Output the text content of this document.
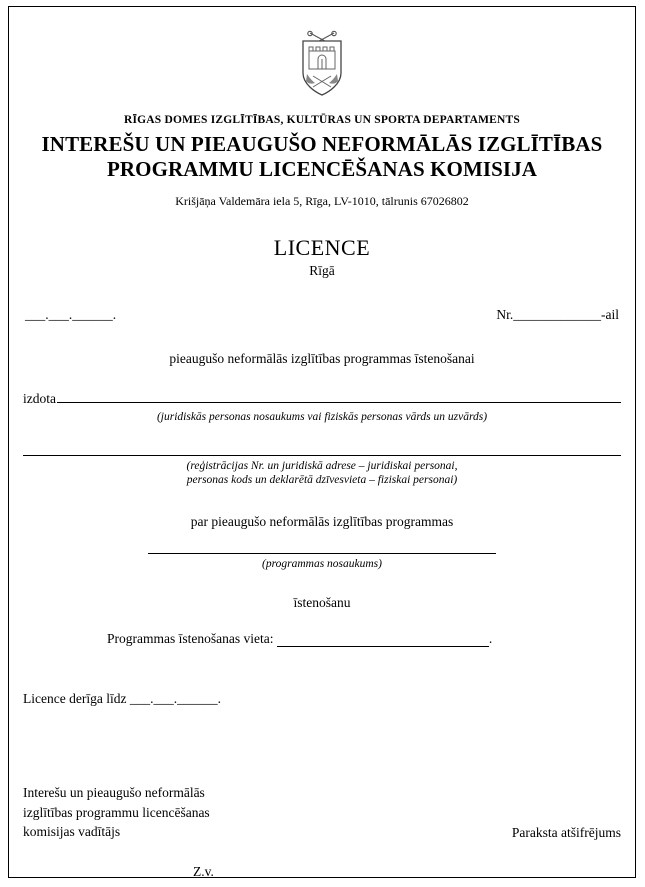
RĪGAS DOMES IZGLĪTĪBAS, KULTŪRAS UN SPORTA DEPARTAMENTS
INTEREŠU UN PIEAUGUŠO NEFORMĀLĀS IZGLĪTĪBAS
PROGRAMMU LICENCĒŠANAS KOMISIJA
Krišjāņa Valdemāra iela 5, Rīga, LV-1010, tālrunis 67026802
LICENCE
Rīgā
___.___.______.	Nr._____________-ail
pieaugušo neformālās izglītības programmas īstenošanai
izdota
(juridiskās personas nosaukums vai fiziskās personas vārds un uzvārds)
(reģistrācijas Nr. un juridiskā adrese – juridiskai personai,
personas kods un deklarētā dzīvesvieta – fiziskai personai)
par pieaugušo neformālās izglītības programmas
(programmas nosaukums)
īstenošanu
Programmas īstenošanas vieta:	.
Licence derīga līdz ___.___.______.
Interešu un pieaugušo neformālās
izglītības programmu licencēšanas
komisijas vadītājs	Paraksta atšifrējums
Z.v.
